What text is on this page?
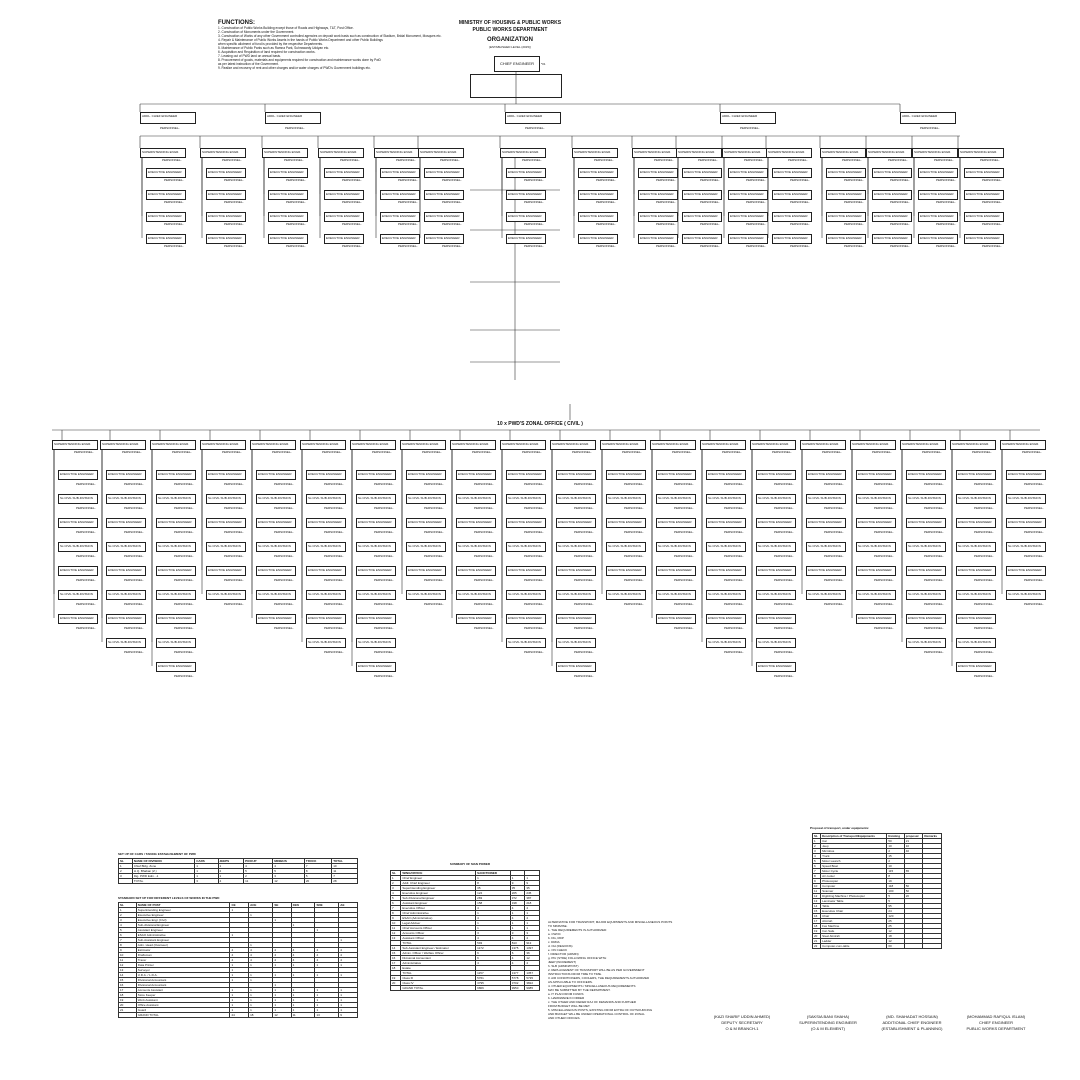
FUNCTIONS:
1. Construction of Public Works Building except those of Roads and Highways, T&T, Post Office.
2. Construction of Monuments under the Government.
3. Construction of Works of any other Government controlled agencies on deposit work basis such as construction of Stadium, Bridal Monument, Mosques etc.
4. Repair & Maintenance of Public Works Assets in the hands of Public Works Department and other Public Buildings
when specific allotment of fund is provided by the respective Departments.
5. Maintenance of Public Parks such as Ramna Park, Suhrawardy Uddyan etc.
6. Acquisition and Requisition of land required for construction works.
7. Leasing out of PWD land on annual basis.
8. Procurement of goods, materials and equipments required for construction and maintenance works done by PwD
as per latest instruction of the Government.
9. Realize and recovery of rent and other charges and/or water charges of PWD's Government buildings etc.
MINISTRY OF HOUSING & PUBLIC WORKS
PUBLIC WORKS DEPARTMENT
ORGANIZATION
(ESTABLISHED LEVEL (2015))
CHIEF ENGINEER	*01
10 x PWD'S ZONAL OFFICE ( CIVIL )
ADDL. CHIEF ENGINEER
PERSONNEL-
ADDL. CHIEF ENGINEER
PERSONNEL-
ADDL. CHIEF ENGINEER
PERSONNEL-
ADDL. CHIEF ENGINEER
PERSONNEL-
ADDL. CHIEF ENGINEER
PERSONNEL-
SUPERINTENDING ENGR.
PERSONNEL-
EXECUTIVE ENGINEER
PERSONNEL-
EXECUTIVE ENGINEER
PERSONNEL-
EXECUTIVE ENGINEER
PERSONNEL-
EXECUTIVE ENGINEER
PERSONNEL-
SUPERINTENDING ENGR.
PERSONNEL-
EXECUTIVE ENGINEER
PERSONNEL-
EXECUTIVE ENGINEER
PERSONNEL-
EXECUTIVE ENGINEER
PERSONNEL-
EXECUTIVE ENGINEER
PERSONNEL-
SUPERINTENDING ENGR.
PERSONNEL-
EXECUTIVE ENGINEER
PERSONNEL-
EXECUTIVE ENGINEER
PERSONNEL-
EXECUTIVE ENGINEER
PERSONNEL-
EXECUTIVE ENGINEER
PERSONNEL-
SUPERINTENDING ENGR.
PERSONNEL-
EXECUTIVE ENGINEER
PERSONNEL-
EXECUTIVE ENGINEER
PERSONNEL-
EXECUTIVE ENGINEER
PERSONNEL-
EXECUTIVE ENGINEER
PERSONNEL-
SUPERINTENDING ENGR.
PERSONNEL-
EXECUTIVE ENGINEER
PERSONNEL-
EXECUTIVE ENGINEER
PERSONNEL-
EXECUTIVE ENGINEER
PERSONNEL-
EXECUTIVE ENGINEER
PERSONNEL-
SUPERINTENDING ENGR.
PERSONNEL-
EXECUTIVE ENGINEER
PERSONNEL-
EXECUTIVE ENGINEER
PERSONNEL-
EXECUTIVE ENGINEER
PERSONNEL-
EXECUTIVE ENGINEER
PERSONNEL-
SUPERINTENDING ENGR.
PERSONNEL-
EXECUTIVE ENGINEER
PERSONNEL-
EXECUTIVE ENGINEER
PERSONNEL-
EXECUTIVE ENGINEER
PERSONNEL-
EXECUTIVE ENGINEER
PERSONNEL-
SUPERINTENDING ENGR.
PERSONNEL-
EXECUTIVE ENGINEER
PERSONNEL-
EXECUTIVE ENGINEER
PERSONNEL-
EXECUTIVE ENGINEER
PERSONNEL-
EXECUTIVE ENGINEER
PERSONNEL-
SUPERINTENDING ENGR.
PERSONNEL-
EXECUTIVE ENGINEER
PERSONNEL-
EXECUTIVE ENGINEER
PERSONNEL-
EXECUTIVE ENGINEER
PERSONNEL-
EXECUTIVE ENGINEER
PERSONNEL-
SUPERINTENDING ENGR.
PERSONNEL-
EXECUTIVE ENGINEER
PERSONNEL-
EXECUTIVE ENGINEER
PERSONNEL-
EXECUTIVE ENGINEER
PERSONNEL-
EXECUTIVE ENGINEER
PERSONNEL-
SUPERINTENDING ENGR.
PERSONNEL-
EXECUTIVE ENGINEER
PERSONNEL-
EXECUTIVE ENGINEER
PERSONNEL-
EXECUTIVE ENGINEER
PERSONNEL-
EXECUTIVE ENGINEER
PERSONNEL-
SUPERINTENDING ENGR.
PERSONNEL-
EXECUTIVE ENGINEER
PERSONNEL-
EXECUTIVE ENGINEER
PERSONNEL-
EXECUTIVE ENGINEER
PERSONNEL-
EXECUTIVE ENGINEER
PERSONNEL-
SUPERINTENDING ENGR.
PERSONNEL-
EXECUTIVE ENGINEER
PERSONNEL-
EXECUTIVE ENGINEER
PERSONNEL-
EXECUTIVE ENGINEER
PERSONNEL-
EXECUTIVE ENGINEER
PERSONNEL-
SUPERINTENDING ENGR.
PERSONNEL-
EXECUTIVE ENGINEER
PERSONNEL-
EXECUTIVE ENGINEER
PERSONNEL-
EXECUTIVE ENGINEER
PERSONNEL-
EXECUTIVE ENGINEER
PERSONNEL-
SUPERINTENDING ENGR.
PERSONNEL-
EXECUTIVE ENGINEER
PERSONNEL-
EXECUTIVE ENGINEER
PERSONNEL-
EXECUTIVE ENGINEER
PERSONNEL-
EXECUTIVE ENGINEER
PERSONNEL-
SUPERINTENDING ENGR.
PERSONNEL-
EXECUTIVE ENGINEER
PERSONNEL-
EXECUTIVE ENGINEER
PERSONNEL-
EXECUTIVE ENGINEER
PERSONNEL-
EXECUTIVE ENGINEER
PERSONNEL-
SUPERINTENDING ENGR.
PERSONNEL-
EXECUTIVE ENGINEER
PERSONNEL-
Ss CIVIL SUB-DIVISION
PERSONNEL-
EXECUTIVE ENGINEER
PERSONNEL-
Ss CIVIL SUB-DIVISION
PERSONNEL-
EXECUTIVE ENGINEER
PERSONNEL-
Ss CIVIL SUB-DIVISION
PERSONNEL-
EXECUTIVE ENGINEER
PERSONNEL-
SUPERINTENDING ENGR.
PERSONNEL-
EXECUTIVE ENGINEER
PERSONNEL-
Ss CIVIL SUB-DIVISION
PERSONNEL-
EXECUTIVE ENGINEER
PERSONNEL-
Ss CIVIL SUB-DIVISION
PERSONNEL-
EXECUTIVE ENGINEER
PERSONNEL-
Ss CIVIL SUB-DIVISION
PERSONNEL-
EXECUTIVE ENGINEER
PERSONNEL-
Ss CIVIL SUB-DIVISION
PERSONNEL-
SUPERINTENDING ENGR.
PERSONNEL-
EXECUTIVE ENGINEER
PERSONNEL-
Ss CIVIL SUB-DIVISION
PERSONNEL-
EXECUTIVE ENGINEER
PERSONNEL-
Ss CIVIL SUB-DIVISION
PERSONNEL-
EXECUTIVE ENGINEER
PERSONNEL-
Ss CIVIL SUB-DIVISION
PERSONNEL-
EXECUTIVE ENGINEER
PERSONNEL-
Ss CIVIL SUB-DIVISION
PERSONNEL-
EXECUTIVE ENGINEER
PERSONNEL-
SUPERINTENDING ENGR.
PERSONNEL-
EXECUTIVE ENGINEER
PERSONNEL-
Ss CIVIL SUB-DIVISION
PERSONNEL-
EXECUTIVE ENGINEER
PERSONNEL-
Ss CIVIL SUB-DIVISION
PERSONNEL-
EXECUTIVE ENGINEER
PERSONNEL-
Ss CIVIL SUB-DIVISION
PERSONNEL-
SUPERINTENDING ENGR.
PERSONNEL-
EXECUTIVE ENGINEER
PERSONNEL-
Ss CIVIL SUB-DIVISION
PERSONNEL-
EXECUTIVE ENGINEER
PERSONNEL-
Ss CIVIL SUB-DIVISION
PERSONNEL-
EXECUTIVE ENGINEER
PERSONNEL-
Ss CIVIL SUB-DIVISION
PERSONNEL-
EXECUTIVE ENGINEER
PERSONNEL-
SUPERINTENDING ENGR.
PERSONNEL-
EXECUTIVE ENGINEER
PERSONNEL-
Ss CIVIL SUB-DIVISION
PERSONNEL-
EXECUTIVE ENGINEER
PERSONNEL-
Ss CIVIL SUB-DIVISION
PERSONNEL-
EXECUTIVE ENGINEER
PERSONNEL-
Ss CIVIL SUB-DIVISION
PERSONNEL-
EXECUTIVE ENGINEER
PERSONNEL-
Ss CIVIL SUB-DIVISION
PERSONNEL-
SUPERINTENDING ENGR.
PERSONNEL-
EXECUTIVE ENGINEER
PERSONNEL-
Ss CIVIL SUB-DIVISION
PERSONNEL-
EXECUTIVE ENGINEER
PERSONNEL-
Ss CIVIL SUB-DIVISION
PERSONNEL-
EXECUTIVE ENGINEER
PERSONNEL-
Ss CIVIL SUB-DIVISION
PERSONNEL-
EXECUTIVE ENGINEER
PERSONNEL-
Ss CIVIL SUB-DIVISION
PERSONNEL-
EXECUTIVE ENGINEER
PERSONNEL-
SUPERINTENDING ENGR.
PERSONNEL-
EXECUTIVE ENGINEER
PERSONNEL-
Ss CIVIL SUB-DIVISION
PERSONNEL-
EXECUTIVE ENGINEER
PERSONNEL-
Ss CIVIL SUB-DIVISION
PERSONNEL-
EXECUTIVE ENGINEER
PERSONNEL-
Ss CIVIL SUB-DIVISION
PERSONNEL-
SUPERINTENDING ENGR.
PERSONNEL-
EXECUTIVE ENGINEER
PERSONNEL-
Ss CIVIL SUB-DIVISION
PERSONNEL-
EXECUTIVE ENGINEER
PERSONNEL-
Ss CIVIL SUB-DIVISION
PERSONNEL-
EXECUTIVE ENGINEER
PERSONNEL-
Ss CIVIL SUB-DIVISION
PERSONNEL-
EXECUTIVE ENGINEER
PERSONNEL-
SUPERINTENDING ENGR.
PERSONNEL-
EXECUTIVE ENGINEER
PERSONNEL-
Ss CIVIL SUB-DIVISION
PERSONNEL-
EXECUTIVE ENGINEER
PERSONNEL-
Ss CIVIL SUB-DIVISION
PERSONNEL-
EXECUTIVE ENGINEER
PERSONNEL-
Ss CIVIL SUB-DIVISION
PERSONNEL-
EXECUTIVE ENGINEER
PERSONNEL-
Ss CIVIL SUB-DIVISION
PERSONNEL-
SUPERINTENDING ENGR.
PERSONNEL-
EXECUTIVE ENGINEER
PERSONNEL-
Ss CIVIL SUB-DIVISION
PERSONNEL-
EXECUTIVE ENGINEER
PERSONNEL-
Ss CIVIL SUB-DIVISION
PERSONNEL-
EXECUTIVE ENGINEER
PERSONNEL-
Ss CIVIL SUB-DIVISION
PERSONNEL-
EXECUTIVE ENGINEER
PERSONNEL-
Ss CIVIL SUB-DIVISION
PERSONNEL-
EXECUTIVE ENGINEER
PERSONNEL-
SUPERINTENDING ENGR.
PERSONNEL-
EXECUTIVE ENGINEER
PERSONNEL-
Ss CIVIL SUB-DIVISION
PERSONNEL-
EXECUTIVE ENGINEER
PERSONNEL-
Ss CIVIL SUB-DIVISION
PERSONNEL-
EXECUTIVE ENGINEER
PERSONNEL-
Ss CIVIL SUB-DIVISION
PERSONNEL-
SUPERINTENDING ENGR.
PERSONNEL-
EXECUTIVE ENGINEER
PERSONNEL-
Ss CIVIL SUB-DIVISION
PERSONNEL-
EXECUTIVE ENGINEER
PERSONNEL-
Ss CIVIL SUB-DIVISION
PERSONNEL-
EXECUTIVE ENGINEER
PERSONNEL-
Ss CIVIL SUB-DIVISION
PERSONNEL-
EXECUTIVE ENGINEER
PERSONNEL-
SUPERINTENDING ENGR.
PERSONNEL-
EXECUTIVE ENGINEER
PERSONNEL-
Ss CIVIL SUB-DIVISION
PERSONNEL-
EXECUTIVE ENGINEER
PERSONNEL-
Ss CIVIL SUB-DIVISION
PERSONNEL-
EXECUTIVE ENGINEER
PERSONNEL-
Ss CIVIL SUB-DIVISION
PERSONNEL-
EXECUTIVE ENGINEER
PERSONNEL-
Ss CIVIL SUB-DIVISION
PERSONNEL-
SUPERINTENDING ENGR.
PERSONNEL-
EXECUTIVE ENGINEER
PERSONNEL-
Ss CIVIL SUB-DIVISION
PERSONNEL-
EXECUTIVE ENGINEER
PERSONNEL-
Ss CIVIL SUB-DIVISION
PERSONNEL-
EXECUTIVE ENGINEER
PERSONNEL-
Ss CIVIL SUB-DIVISION
PERSONNEL-
EXECUTIVE ENGINEER
PERSONNEL-
Ss CIVIL SUB-DIVISION
PERSONNEL-
EXECUTIVE ENGINEER
PERSONNEL-
SUPERINTENDING ENGR.
PERSONNEL-
EXECUTIVE ENGINEER
PERSONNEL-
Ss CIVIL SUB-DIVISION
PERSONNEL-
EXECUTIVE ENGINEER
PERSONNEL-
Ss CIVIL SUB-DIVISION
PERSONNEL-
EXECUTIVE ENGINEER
PERSONNEL-
Ss CIVIL SUB-DIVISION
PERSONNEL-
SUPERINTENDING ENGR.
PERSONNEL-
EXECUTIVE ENGINEER
PERSONNEL-
Ss CIVIL SUB-DIVISION
PERSONNEL-
EXECUTIVE ENGINEER
PERSONNEL-
Ss CIVIL SUB-DIVISION
PERSONNEL-
EXECUTIVE ENGINEER
PERSONNEL-
Ss CIVIL SUB-DIVISION
PERSONNEL-
EXECUTIVE ENGINEER
PERSONNEL-
SUPERINTENDING ENGR.
PERSONNEL-
EXECUTIVE ENGINEER
PERSONNEL-
Ss CIVIL SUB-DIVISION
PERSONNEL-
EXECUTIVE ENGINEER
PERSONNEL-
Ss CIVIL SUB-DIVISION
PERSONNEL-
EXECUTIVE ENGINEER
PERSONNEL-
Ss CIVIL SUB-DIVISION
PERSONNEL-
EXECUTIVE ENGINEER
PERSONNEL-
Ss CIVIL SUB-DIVISION
PERSONNEL-
SUPERINTENDING ENGR.
PERSONNEL-
EXECUTIVE ENGINEER
PERSONNEL-
Ss CIVIL SUB-DIVISION
PERSONNEL-
EXECUTIVE ENGINEER
PERSONNEL-
Ss CIVIL SUB-DIVISION
PERSONNEL-
EXECUTIVE ENGINEER
PERSONNEL-
Ss CIVIL SUB-DIVISION
PERSONNEL-
EXECUTIVE ENGINEER
PERSONNEL-
Ss CIVIL SUB-DIVISION
PERSONNEL-
EXECUTIVE ENGINEER
PERSONNEL-
SUPERINTENDING ENGR.
PERSONNEL-
EXECUTIVE ENGINEER
PERSONNEL-
Ss CIVIL SUB-DIVISION
PERSONNEL-
EXECUTIVE ENGINEER
PERSONNEL-
Ss CIVIL SUB-DIVISION
PERSONNEL-
EXECUTIVE ENGINEER
PERSONNEL-
Ss CIVIL SUB-DIVISION
PERSONNEL-
SET UP OF CARS / TAKING ESTABLISHMENT OF PWD
SL	NAME OF DIVISION	CARS	JEEPS	PICKUP	MINIBUS	TRUCK	TOTAL
1	Chief Bldg. Zone	1	1	4	4	7	10
2	H.Q. Bhaban (Z.)	1	2	5	5	8	11
3	Dig. PWD Edm. -1	1	1	2	3	5	7
	TOTAL	3	4	11	12	20	28
STANDARD SET UP FOR DIFFERENT LEVELS OF WORKS IN THE PWD
SL	NAME OF POST	CE	ACE	SE	XEN	SDE	AE
1	Superintending Engineer	1					
2	Executive Engineer		1				
3	Executive Engr (Civil)			1			
4	Sub-divisional Engineer				1		
5	Assistant Engineer					1	
6	ESAO Administrative	1					
7	Sub-Assistant Engineer						1
8	Adm. Head (Overseer)		1				
9	Estimator	4	4	4	4	4	4
10	Draftsman	4	4	4	4	4	4
11	Tracer	4	4	4	4	4	4
12	Data Printer	1	1	1	1	1	1
13	Surveyor	1					
14	U.D.A. / L.D.A.	1	1	1	1	1	1
15	Divisional Accountant	1	1				
16	Divisional Accountant			1			
17	Accounts Assistant	1	1	1	1	1	1
18	Store Keeper	1	1	1	1	1	1
19	Work Assistant	1	1	1	1	1	1
20	Office Assistant	1	1	1	1	1	1
21	Guard	1	1	1	1	1	1
	GRAND TOTAL	24	18	12	11	13	9
SUMMARY OF MAN POWER
SL	WING/OFFICE	SANCTIONED		
1	Chief Engineer	1	1	1
2	Addl. Chief Engineer	8	9	9
3	Superintending Engineer	35	35	35
4	Executive Engineer	124	205	245
5	Sub-Divisional Engineer	283	372	387
6	Assistant Engineer	158	198	218
7	Executive Officer	4	4	4
8	Chief Administrative	1	1	1
9	ESAO (Administrative)	4	4	4
10	Legal Adviser	1	1	1
11	Chief Accounts Officer	1	1	1
12	Accounts Officer	3	3	3
13	Assistant Officer	4	4	4
	TOTAL	593	813	913
14	Sub-Assistant Engineer / Estimator	1172	1375	1397
15	Admin. Officer / Welfare Officer	6	6	36
16	Divisional Accountant	6	4	12
17	Administrative	4	4	4
18	Estate			
	TOTAL	1157	1377	1357
19	Class III	5761	5778	5735
20	Class IV	3795	3702	3822
	GRAND TOTAL	9806	9950	9985
ALTERNATIVE FOR TRANSPORT, MAJOR EQUIPMENTS AND MISCELLANEOUS POINTS
TO MINIMISE.
1. THE REQUIREMENTS IS AUTHORIZED:
a. CWOC
b. DG, RDP
c. DRDA
d. OH (REGIONS)
e. ON CHECK
f. DIRECTOR (ADMIN)
g. PIU (STDE) FOLLOWING OFFICE WITH
JEEP (INCREMENT)
h. SLB (ADMIN/POST)
2. REPLACEMENT OF TRANSPORT WILL BE AS PER GOVERNMENT
INSTRUCTIONS FROM TIME TO TIME.
3. AIR CONDITIONERS, COOLERS, THE REQUIREMENTS AUTHORIZED
AS APPLICABLE TO OFFICERS.
4. OTHER EQUIPMENTS / MISCELLANEOUS REQUIREMENTS
MAY BE SUBMITTED BY THE DEPARTMENT.
a. IT PLAN FROM FUNDS
b. HARDWARE IN ORDER
c. THE OTHER AND DEFER RAJ OF DEMANDS AND FURTHER
FROM BUDGET WILL BE MET.
5. MISCELLANEOUS POSTS, EXISTING FROM EXTRA OF OUTSOURCING
AND BUDGET WILL BE UNDER OPERATIONAL CONTROL OF ZONAL
AND OTHER OFFICES.
Proposal of transport, under equipments:
SL	Description of Transport/Equipments	Existing	proposal	Remarks
1	Car	50	21	
2	Jeep	10	10	
3	Microbus	2	40	
4	Truck	15		
5	Motor Launch	2		
6	Speed Boat	10		
7	Motor Cycle	115	65	
8	Air cooler	8		
9	Photocopier	19		
10	Computer	118	50	
11	Scanner	100	50	
12	Digitizing Machine / Photocopier	5	20	
13	Laminator Table	5		
14	Table	95		
15	Executive Chair	24		
16	Chair	120		
17	Almirah	25		
18	Fax Machine	25		
19	Iron Safe	12		
20	Steel Almirah	18		
21	Ladder	12		
22	Computer-cum-table	60		
(KAZI SHARIF UDDIN AHMED)
DEPUTY SECRETARY
O & M BRANCH-1
(SAKSIA BANI SHAHA)
SUPERINTENDING ENGINEER
(O & M ELEMENT)
(MD. SHAHADAT HOSSAIN)
ADDITIONAL CHIEF ENGINEER
(ESTABLISHMENT & PLANNING)
(MOHAMMAD RAFIQUL ISLAM)
CHIEF ENGINEER
PUBLIC WORKS DEPARTMENT
